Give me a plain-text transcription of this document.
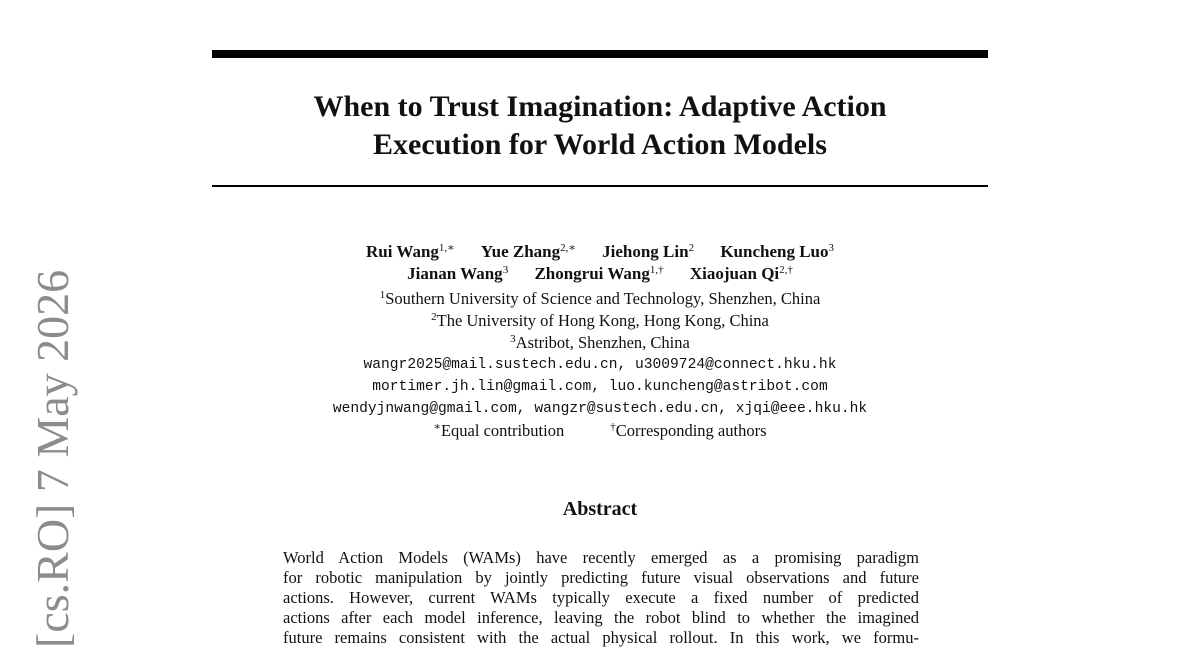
[cs.RO] 7 May 2026
When to Trust Imagination: Adaptive Action
Execution for World Action Models
Rui Wang$^{1,∗}$ Yue Zhang$^{2,∗}$ Jiehong Lin$^2$ Kuncheng Luo$^3$
Jianan Wang$^3$ Zhongrui Wang$^{1,\dagger}$ Xiaojuan $Qi^{2,\dagger}$
$^1$Southern University of Science and Technology, Shenzhen, China
$^2$The University of Hong Kong, Hong Kong, China
$^3$Astribot, Shenzhen, China
wangr2025@mail.sustech.edu.cn, u3009724@connect.hku.hk
mortimer.jh.lin@gmail.com, luo.kuncheng@astribot.com
wendyjnwang@gmail.com, wangzr@sustech.edu.cn, xjqi@eee.hku.hk
∗Equal contribution	†Corresponding authors
Abstract
World Action Models (WAMs) have recently emerged as a promising paradigm
for robotic manipulation by jointly predicting future visual observations and future
actions. However, current WAMs typically execute a fixed number of predicted
actions after each model inference, leaving the robot blind to whether the imagined
future remains consistent with the actual physical rollout. In this work, we formu-
